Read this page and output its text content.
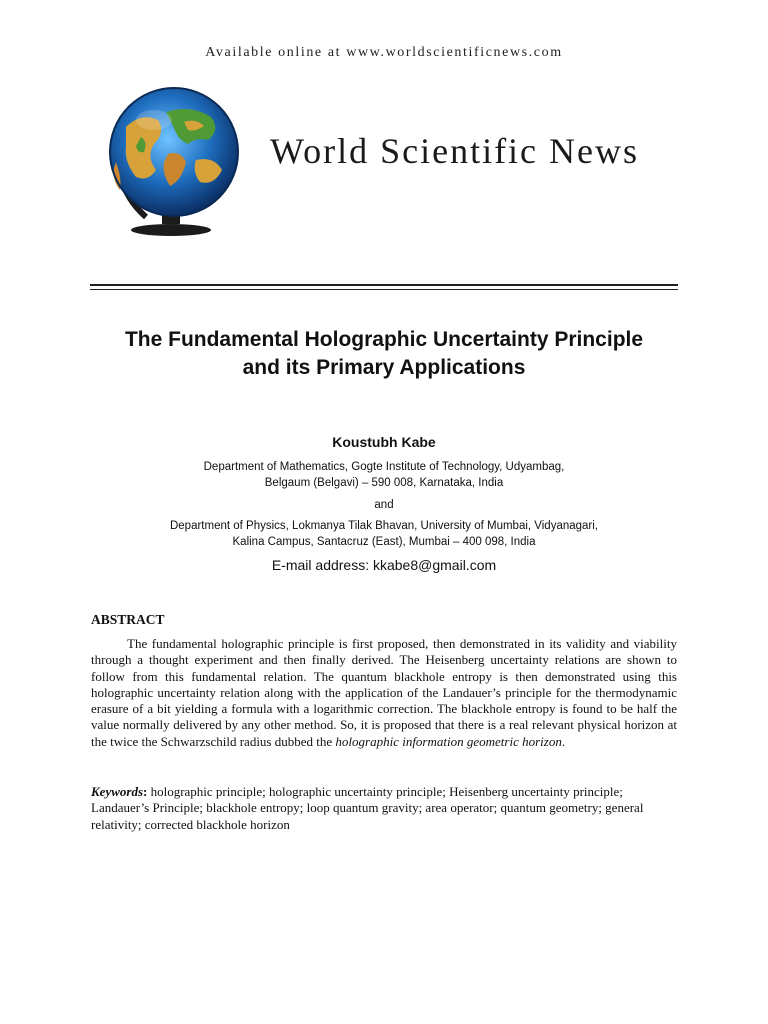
Available online at www.worldscientificnews.com
World Scientific News
The Fundamental Holographic Uncertainty Principle
and its Primary Applications
Koustubh Kabe
Department of Mathematics, Gogte Institute of Technology, Udyambag,
Belgaum (Belgavi) – 590 008, Karnataka, India
and
Department of Physics, Lokmanya Tilak Bhavan, University of Mumbai, Vidyanagari,
Kalina Campus, Santacruz (East), Mumbai – 400 098, India
E-mail address: kkabe8@gmail.com
ABSTRACT
The fundamental holographic principle is first proposed, then demonstrated in its validity and viability through a thought experiment and then finally derived. The Heisenberg uncertainty relations are shown to follow from this fundamental relation. The quantum blackhole entropy is then demonstrated using this holographic uncertainty relation along with the application of the Landauer’s principle for the thermodynamic erasure of a bit yielding a formula with a logarithmic correction. The blackhole entropy is found to be half the value normally delivered by any other method. So, it is proposed that there is a real relevant physical horizon at the twice the Schwarzschild radius dubbed the holographic information geometric horizon.
Keywords: holographic principle; holographic uncertainty principle; Heisenberg uncertainty principle; Landauer’s Principle; blackhole entropy; loop quantum gravity; area operator; quantum geometry; general relativity; corrected blackhole horizon
